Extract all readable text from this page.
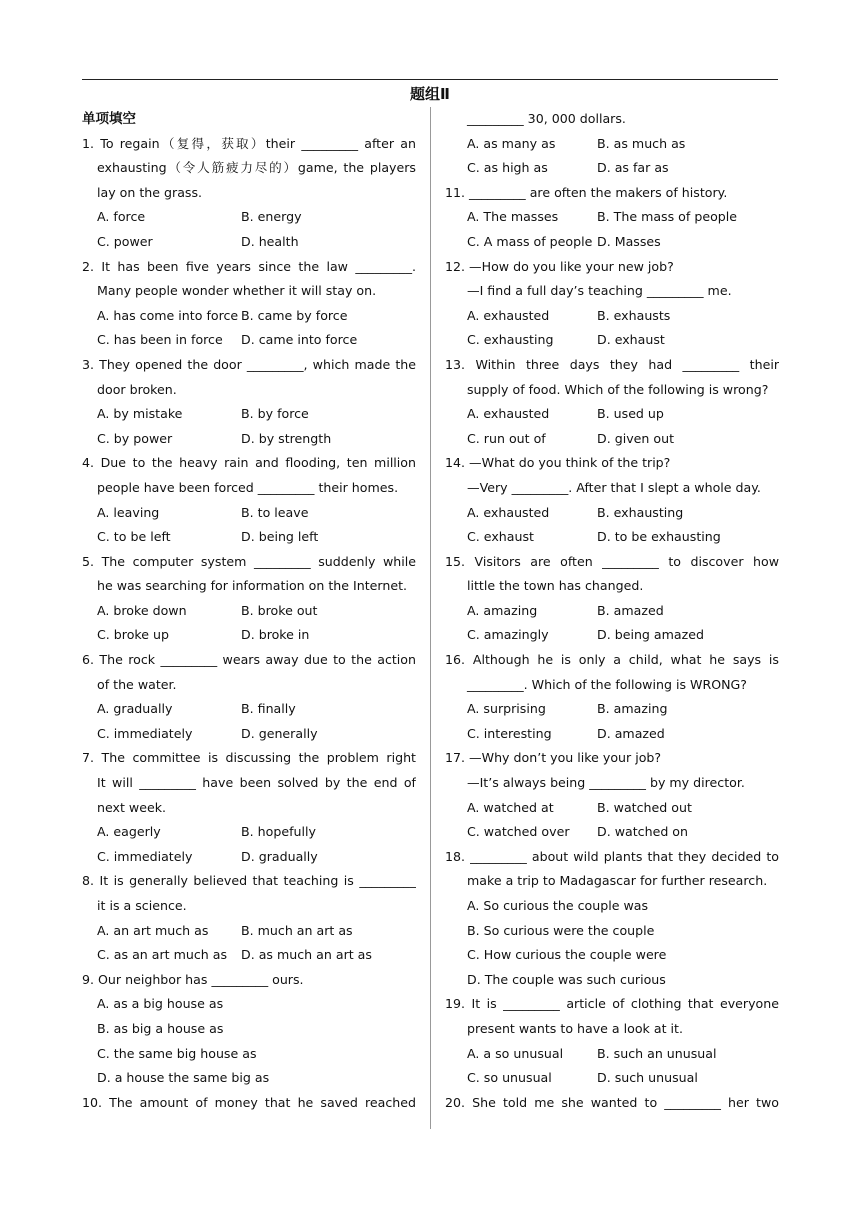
题组Ⅱ
单项填空
1. To regain（复得，获取）their _________ after an
exhausting（令人筋疲力尽的）game, the players
lay on the grass.
A. force	B. energy
C. power	D. health
2. It has been five years since the law _________.
Many people wonder whether it will stay on.
A. has come into force B. came by force
C. has been in force	D. came into force
3. They opened the door _________, which made the
door broken.
A. by mistake	B. by force
C. by power	D. by strength
4. Due to the heavy rain and flooding, ten million
people have been forced _________ their homes.
A. leaving	B. to leave
C. to be left	D. being left
5. The computer system _________ suddenly while
he was searching for information on the Internet.
A. broke down	B. broke out
C. broke up	D. broke in
6. The rock _________ wears away due to the action
of the water.
A. gradually	B. finally
C. immediately	D. generally
7. The committee is discussing the problem right
It will _________ have been solved by the end of
next week.
A. eagerly	B. hopefully
C. immediately	D. gradually
8. It is generally believed that teaching is _________
it is a science.
A. an art much as	B. much an art as
C. as an art much as	D. as much an art as
9. Our neighbor has _________ ours.
A. as a big house as
B. as big a house as
C. the same big house as
D. a house the same big as
10. The amount of money that he saved reached
_________ 30, 000 dollars.
A. as many as	B. as much as
C. as high as	D. as far as
11. _________ are often the makers of history.
A. The masses	B. The mass of people
C. A mass of people D. Masses
12. —How do you like your new job?
—I find a full day’s teaching _________ me.
A. exhausted	B. exhausts
C. exhausting	D. exhaust
13. Within three days they had _________ their
supply of food. Which of the following is wrong?
A. exhausted	B. used up
C. run out of	D. given out
14. —What do you think of the trip?
—Very _________. After that I slept a whole day.
A. exhausted	B. exhausting
C. exhaust	D. to be exhausting
15. Visitors are often _________ to discover how
little the town has changed.
A. amazing	B. amazed
C. amazingly	D. being amazed
16. Although he is only a child, what he says is
_________. Which of the following is WRONG?
A. surprising	B. amazing
C. interesting	D. amazed
17. —Why don’t you like your job?
—It’s always being _________ by my director.
A. watched at	B. watched out
C. watched over	D. watched on
18. _________ about wild plants that they decided to
make a trip to Madagascar for further research.
A. So curious the couple was
B. So curious were the couple
C. How curious the couple were
D. The couple was such curious
19. It is _________ article of clothing that everyone
present wants to have a look at it.
A. a so unusual	B. such an unusual
C. so unusual	D. such unusual
20. She told me she wanted to _________ her two
